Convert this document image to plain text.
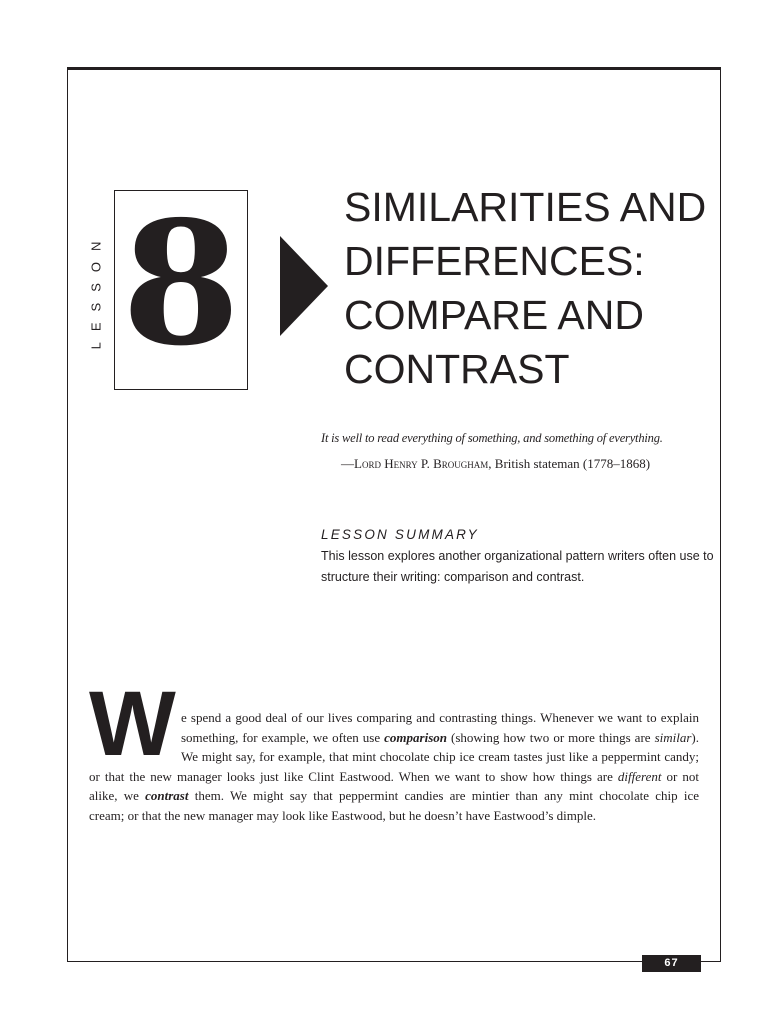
LESSON 8	SIMILARITIES AND
DIFFERENCES:
COMPARE AND
CONTRAST
It is well to read everything of something, and something of everything.
—Lord Henry P. Brougham, British stateman (1778–1868)
LESSON SUMMARY
This lesson explores another organizational pattern writers often use to structure their writing: comparison and contrast.
W e spend a good deal of our lives comparing and contrasting things. Whenever we want to explain
something, for example, we often use comparison (showing how two or more things are similar).
We might say, for example, that mint chocolate chip ice cream tastes just like a peppermint candy;
or that the new manager looks just like Clint Eastwood. When we want to show how things are different or not
alike, we contrast them. We might say that peppermint candies are mintier than any mint chocolate chip ice
cream; or that the new manager may look like Eastwood, but he doesn’t have Eastwood’s dimple.
67
